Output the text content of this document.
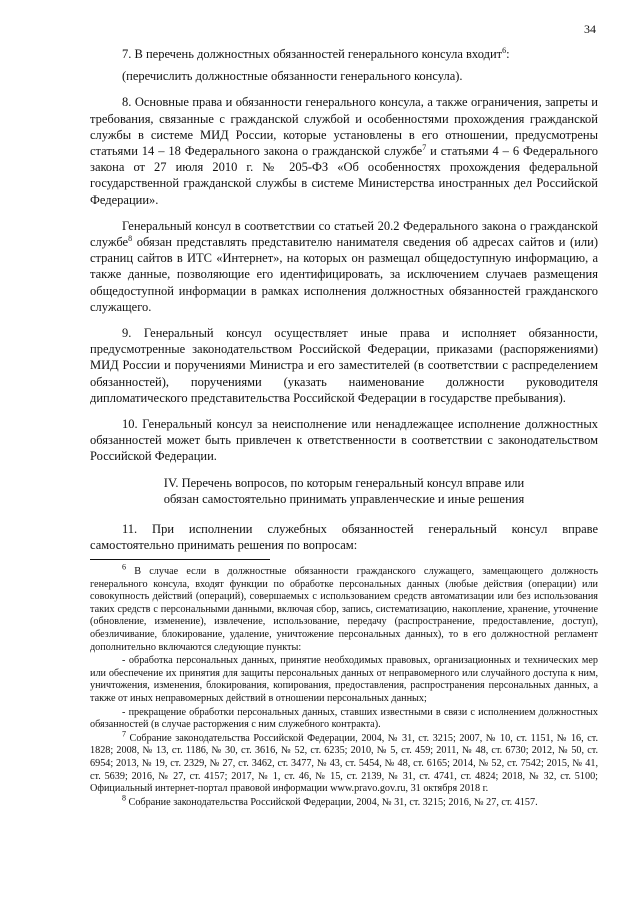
34

7. В перечень должностных обязанностей генерального консула входит$^6$:

(перечислить должностные обязанности генерального консула).

8. Основные права и обязанности генерального консула, а также ограничения, запреты и требования, связанные с гражданской службой и особенностями прохождения гражданской службы в системе МИД России, которые установлены в его отношении, предусмотрены статьями 14 – 18 Федерального закона о гражданской службе$^7$ и статьями 4 – 6 Федерального закона от 27 июля 2010 г. № 205-ФЗ «Об особенностях прохождения федеральной государственной гражданской службы в системе Министерства иностранных дел Российской Федерации».

Генеральный консул в соответствии со статьей 20.2 Федерального закона о гражданской службе$^8$ обязан представлять представителю нанимателя сведения об адресах сайтов и (или) страниц сайтов в ИТС «Интернет», на которых он размещал общедоступную информацию, а также данные, позволяющие его идентифицировать, за исключением случаев размещения общедоступной информации в рамках исполнения должностных обязанностей гражданского служащего.

9. Генеральный консул осуществляет иные права и исполняет обязанности, предусмотренные законодательством Российской Федерации, приказами (распоряжениями) МИД России и поручениями Министра и его заместителей (в соответствии с распределением обязанностей), поручениями (указать наименование должности руководителя дипломатического представительства Российской Федерации в государстве пребывания).

10. Генеральный консул за неисполнение или ненадлежащее исполнение должностных обязанностей может быть привлечен к ответственности в соответствии с законодательством Российской Федерации.

IV. Перечень вопросов, по которым генеральный консул вправе или обязан самостоятельно принимать управленческие и иные решения

11. При исполнении служебных обязанностей генеральный консул вправе самостоятельно принимать решения по вопросам:

$^6$ В случае если в должностные обязанности гражданского служащего, замещающего должность генерального консула, входят функции по обработке персональных данных (любые действия (операции) или совокупность действий (операций), совершаемых с использованием средств автоматизации или без использования таких средств с персональными данными, включая сбор, запись, систематизацию, накопление, хранение, уточнение (обновление, изменение), извлечение, использование, передачу (распространение, предоставление, доступ), обезличивание, блокирование, удаление, уничтожение персональных данных), то в его должностной регламент дополнительно включаются следующие пункты:

- обработка персональных данных, принятие необходимых правовых, организационных и технических мер или обеспечение их принятия для защиты персональных данных от неправомерного или случайного доступа к ним, уничтожения, изменения, блокирования, копирования, предоставления, распространения персональных данных, а также от иных неправомерных действий в отношении персональных данных;

- прекращение обработки персональных данных, ставших известными в связи с исполнением должностных обязанностей (в случае расторжения с ним служебного контракта).

$^7$ Собрание законодательства Российской Федерации, 2004, № 31, ст. 3215; 2007, № 10, ст. 1151, № 16, ст. 1828; 2008, № 13, ст. 1186, № 30, ст. 3616, № 52, ст. 6235; 2010, № 5, ст. 459; 2011, № 48, ст. 6730; 2012, № 50, ст. 6954; 2013, № 19, ст. 2329, № 27, ст. 3462, ст. 3477, № 43, ст. 5454, № 48, ст. 6165; 2014, № 52, ст. 7542; 2015, № 41, ст. 5639; 2016, № 27, ст. 4157; 2017, № 1, ст. 46, № 15, ст. 2139, № 31, ст. 4741, ст. 4824; 2018, № 32, ст. 5100; Официальный интернет-портал правовой информации www.pravo.gov.ru, 31 октября 2018 г.

$^8$ Собрание законодательства Российской Федерации, 2004, № 31, ст. 3215; 2016, № 27, ст. 4157.
